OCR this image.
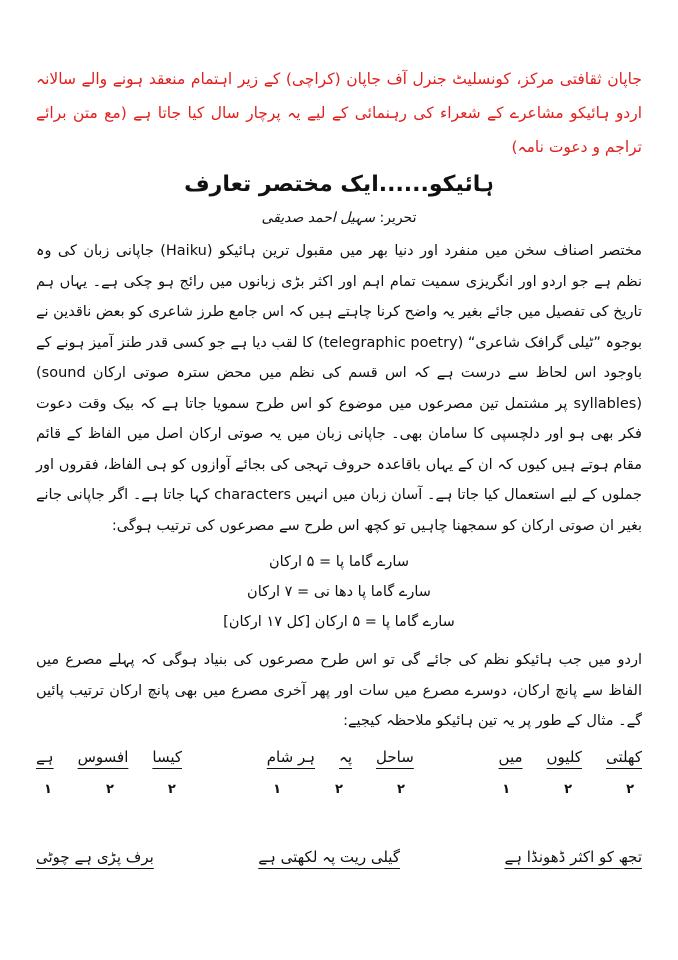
جاپان ثقافتی مرکز، کونسلیٹ جنرل آف جاپان (کراچی) کے زیر اہتمام منعقد ہونے والے سالانہ اردو ہائیکو مشاعرے کے شعراء کی رہنمائی کے لیے یہ پرچار سال کیا جاتا ہے (مع متن برائے تراجم و دعوت نامہ)

ہائیکو......ایک مختصر تعارف
تحریر: سہیل احمد صدیقی

مختصر اصناف سخن میں منفرد اور دنیا بھر میں مقبول ترین ہائیکو (Haiku) جاپانی زبان کی وہ نظم ہے جو اردو اور انگریزی سمیت تمام اہم اور اکثر بڑی زبانوں میں رائج ہو چکی ہے۔ یہاں ہم تاریخ کی تفصیل میں جائے بغیر یہ واضح کرنا چاہتے ہیں کہ اس جامع طرز شاعری کو بعض ناقدین نے بوجوہ ”ٹیلی گرافک شاعری“ (telegraphic poetry) کا لقب دیا ہے جو کسی قدر طنز آمیز ہونے کے باوجود اس لحاظ سے درست ہے کہ اس قسم کی نظم میں محض سترہ صوتی ارکان (sound syllables) پر مشتمل تین مصرعوں میں موضوع کو اس طرح سمویا جاتا ہے کہ بیک وقت دعوت فکر بھی ہو اور دلچسپی کا سامان بھی۔ جاپانی زبان میں یہ صوتی ارکان اصل میں الفاظ کے قائم مقام ہوتے ہیں کیوں کہ ان کے یہاں باقاعدہ حروف تہجی کی بجائے آوازوں کو ہی الفاظ، فقروں اور جملوں کے لیے استعمال کیا جاتا ہے۔ آسان زبان میں انہیں characters کہا جاتا ہے۔ اگر جاپانی جانے بغیر ان صوتی ارکان کو سمجھنا چاہیں تو کچھ اس طرح سے مصرعوں کی ترتیب ہوگی:

سارے گاما پا = ۵ ارکان
سارے گاما پا دھا نی = ۷ ارکان
سارے گاما پا = ۵ ارکان [کل ۱۷ ارکان]

اردو میں جب ہائیکو نظم کی جائے گی تو اس طرح مصرعوں کی بنیاد ہوگی کہ پہلے مصرع میں الفاظ سے پانچ ارکان، دوسرے مصرع میں سات اور پھر آخری مصرع میں بھی پانچ ارکان ترتیب پائیں گے۔ مثال کے طور پر یہ تین ہائیکو ملاحظہ کیجیے:

کھلتی
کلیوں
میں
ساحل
پہ
ہر شام
کیسا
افسوس
ہے
۲
۲
۱
۲
۲
۱
۲
۲
۱
تجھ کو اکثر ڈھونڈا ہے
گیلی ریت پہ لکھتی ہے
برف پڑی ہے چوٹی
